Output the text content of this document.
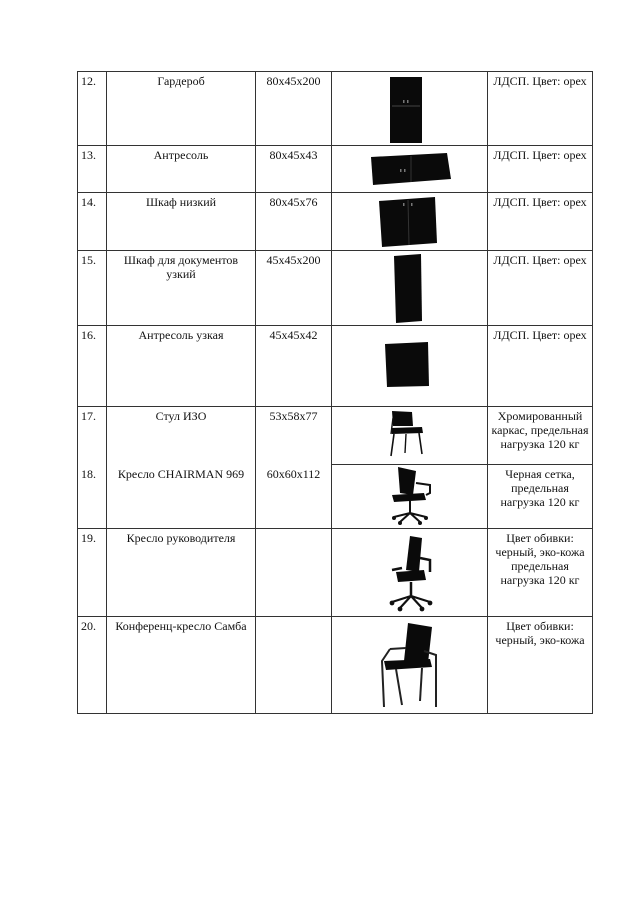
12.	Гардероб	80х45х200		ЛДСП. Цвет: орех
13.	Антресоль	80х45х43		ЛДСП. Цвет: орех
14.	Шкаф низкий	80х45х76		ЛДСП. Цвет: орех
15.	Шкаф для документов узкий	45х45х200		ЛДСП. Цвет: орех
16.	Антресоль узкая	45х45х42		ЛДСП. Цвет: орех
17.	Стул ИЗО	53х58х77		Хромированный каркас, предельная нагрузка 120 кг
18.	Кресло CHAIRMAN 969	60х60х112		Черная сетка, предельная нагрузка 120 кг
19.	Кресло руководителя			Цвет обивки: черный, эко-кожа предельная нагрузка 120 кг
20.	Конференц-кресло Самба			Цвет обивки: черный, эко-кожа
